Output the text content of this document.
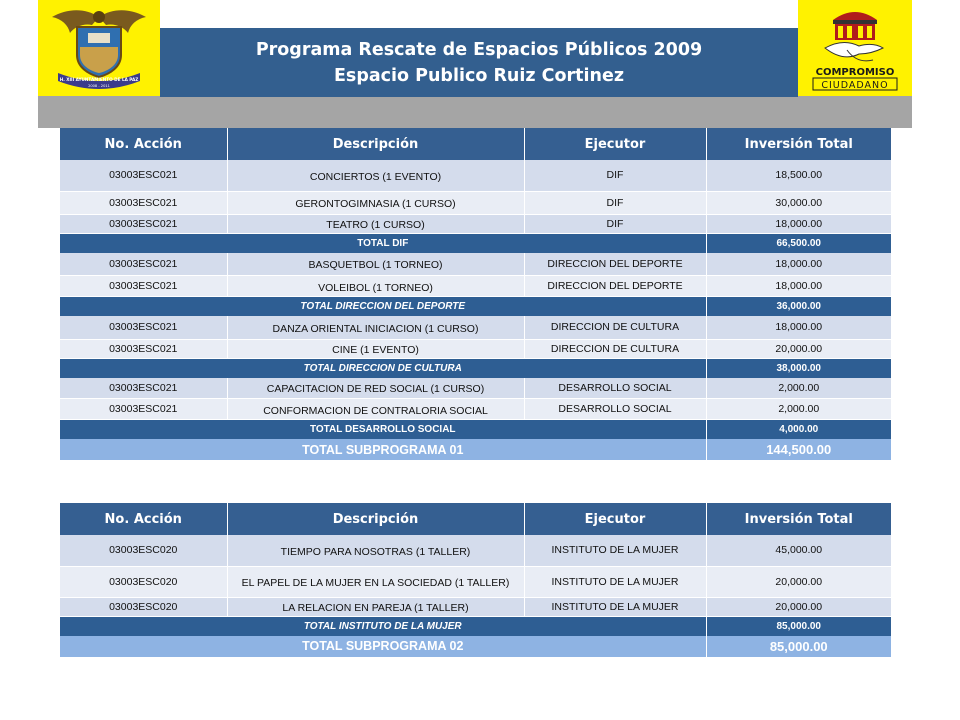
H. XIII AYUNTAMIENTO DE LA PAZ
2008 - 2011
Programa Rescate de Espacios Públicos 2009
Espacio Publico Ruiz Cortinez	COMPROMISO
CIUDADANO
No. Acción	Descripción	Ejecutor	Inversión Total
03003ESC021	CONCIERTOS (1 EVENTO)	DIF	18,500.00
03003ESC021	GERONTOGIMNASIA (1 CURSO)	DIF	30,000.00
03003ESC021	TEATRO (1 CURSO)	DIF	18,000.00
TOTAL DIF			66,500.00
03003ESC021	BASQUETBOL (1 TORNEO)	DIRECCION DEL DEPORTE	18,000.00
03003ESC021	VOLEIBOL (1 TORNEO)	DIRECCION DEL DEPORTE	18,000.00
TOTAL DIRECCION DEL DEPORTE			36,000.00
03003ESC021	DANZA ORIENTAL INICIACION (1 CURSO)	DIRECCION DE CULTURA	18,000.00
03003ESC021	CINE (1 EVENTO)	DIRECCION DE CULTURA	20,000.00
TOTAL DIRECCION DE CULTURA			38,000.00
03003ESC021	CAPACITACION DE RED SOCIAL (1 CURSO)	DESARROLLO SOCIAL	2,000.00
03003ESC021	CONFORMACION DE CONTRALORIA SOCIAL	DESARROLLO SOCIAL	2,000.00
TOTAL DESARROLLO SOCIAL			4,000.00
TOTAL SUBPROGRAMA 01			144,500.00
No. Acción	Descripción	Ejecutor	Inversión Total
03003ESC020	TIEMPO PARA NOSOTRAS (1 TALLER)	INSTITUTO DE LA MUJER	45,000.00
03003ESC020	EL PAPEL DE LA MUJER EN LA SOCIEDAD (1 TALLER)	INSTITUTO DE LA MUJER	20,000.00
03003ESC020	LA RELACION EN PAREJA (1 TALLER)	INSTITUTO DE LA MUJER	20,000.00
TOTAL INSTITUTO DE LA MUJER			85,000.00
TOTAL SUBPROGRAMA 02			85,000.00
